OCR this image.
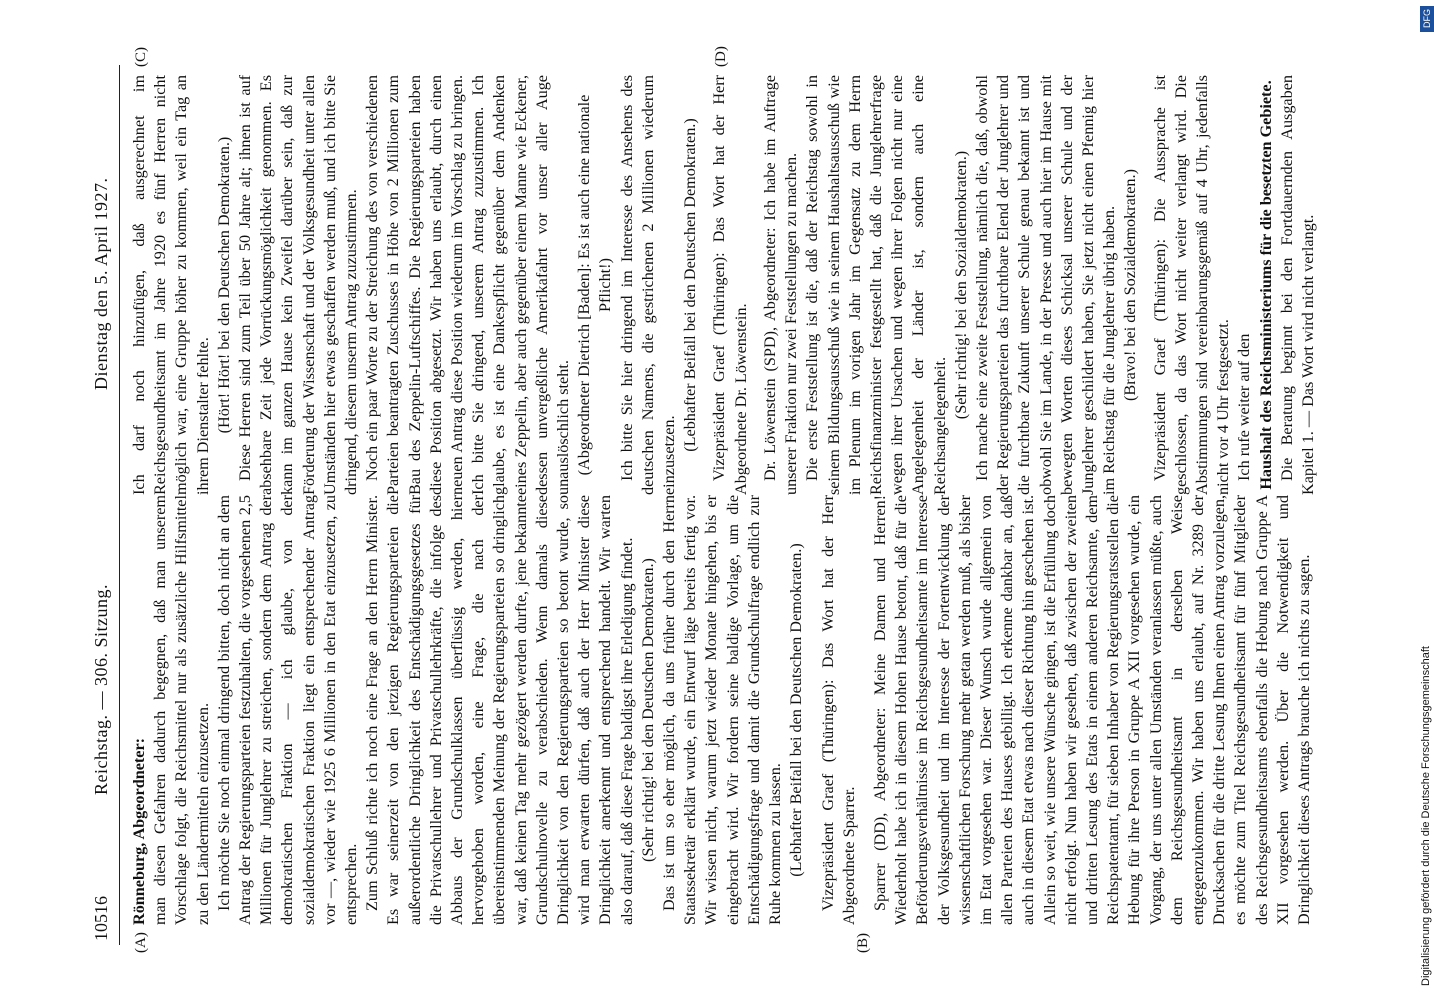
10516
Reichstag. — 306. Sitzung.
Dienstag den 5. April 1927.
(A)	(B)
(C)	(D)

Rönneburg, Abgeordneter: man diesen Gefahren dadurch begegnen, daß man unserem Vorschlage folgt, die Reichsmittel nur als zusätzliche Hilfsmittel zu den Ländermitteln einzusetzen. Ich möchte Sie noch einmal dringend bitten, doch nicht an dem Antrag der Regierungsparteien festzuhalten, die vorgesehenen 2,5 Millionen für Junglehrer zu streichen, sondern dem Antrag der demokratischen Fraktion — ich glaube, von der sozialdemokratischen Fraktion liegt ein entsprechender Antrag vor —, wieder wie 1925 6 Millionen in den Etat einzusetzen, zu entsprechen. Zum Schluß richte ich noch eine Frage an den Herrn Minister. Es war seinerzeit von den jetzigen Regierungsparteien die außerordentliche Dringlichkeit des Entschädigungsgesetzes für die Privatschullehrer und Privatschullehrkräfte, die infolge des Abbaus der Grundschulklassen überflüssig werden, hier hervorgehoben worden, eine Frage, die nach der übereinstimmenden Meinung der Regierungsparteien so dringlich war, daß keinen Tag mehr gezögert werden durfte, jene bekannte Grundschulnovelle zu verabschieden. Wenn damals diese Dringlichkeit von den Regierungsparteien so betont wurde, so wird man erwarten dürfen, daß auch der Herr Minister diese Dringlichkeit anerkennt und entsprechend handelt. Wir warten also darauf, daß diese Frage baldigst ihre Erledigung findet. (Sehr richtig! bei den Deutschen Demokraten.) Das ist um so eher möglich, da uns früher durch den Herrn Staatssekretär erklärt wurde, ein Entwurf läge bereits fertig vor. Wir wissen nicht, warum jetzt wieder Monate hingehen, bis er eingebracht wird. Wir fordern seine baldige Vorlage, um die Entschädigungsfrage und damit die Grundschulfrage endlich zur Ruhe kommen zu lassen. (Lebhafter Beifall bei den Deutschen Demokraten.) Vizepräsident Graef (Thüringen): Das Wort hat der Herr Abgeordnete Sparrer. Sparrer (DD), Abgeordneter: Meine Damen und Herren! Wiederholt habe ich in diesem Hohen Hause betont, daß für die Beförderungsverhältnisse im Reichsgesundheitsamte im Interesse der Volksgesundheit und im Interesse der Fortentwicklung der wissenschaftlichen Forschung mehr getan werden muß, als bisher im Etat vorgesehen war. Dieser Wunsch wurde allgemein von allen Parteien des Hauses gebilligt. Ich erkenne dankbar an, daß auch in diesem Etat etwas nach dieser Richtung hin geschehen ist. Allein so weit, wie unsere Wünsche gingen, ist die Erfüllung doch nicht erfolgt. Nun haben wir gesehen, daß zwischen der zweiten und dritten Lesung des Etats in einem anderen Reichsamte, dem Reichspatentamt, für sieben Inhaber von Regierungsratsstellen die Hebung für ihre Person in Gruppe A XII vorgesehen wurde, ein Vorgang, der uns unter allen Umständen veranlassen müßte, auch dem Reichsgesundheitsamt in derselben Weise entgegenzukommen. Wir haben uns erlaubt, auf Nr. 3289 der Drucksachen für die dritte Lesung Ihnen einen Antrag vorzulegen, es möchte zum Titel Reichsgesundheitsamt für fünf Mitglieder des Reichsgesundheitsamts ebenfalls die Hebung nach Gruppe A XII vorgesehen werden. Über die Notwendigkeit und Dringlichkeit dieses Antrags brauche ich nichts zu sagen.

Ich darf noch hinzufügen, daß ausgerechnet im Reichsgesundheitsamt im Jahre 1920 es fünf Herren nicht möglich war, eine Gruppe höher zu kommen, weil ein Tag an ihrem Dienstalter fehlte. (Hört! Hört! bei den Deutschen Demokraten.) Diese Herren sind zum Teil über 50 Jahre alt; ihnen ist auf absehbare Zeit jede Vorrückungsmöglichkeit genommen. Es kann im ganzen Hause kein Zweifel darüber sein, daß zur Förderung der Wissenschaft und der Volksgesundheit unter allen Umständen hier etwas geschaffen werden muß, und ich bitte Sie dringend, diesem unserm Antrag zuzustimmen. Noch ein paar Worte zu der Streichung des von verschiedenen Parteien beantragten Zuschusses in Höhe von 2 Millionen zum Bau des Zeppelin-Luftschiffes. Die Regierungsparteien haben diese Position abgesetzt. Wir haben uns erlaubt, durch einen neuen Antrag diese Position wiederum im Vorschlag zu bringen. Ich bitte Sie dringend, unserem Antrag zuzustimmen. Ich glaube, es ist eine Dankespflicht gegenüber dem Andenken eines Zeppelin, aber auch gegenüber einem Manne wie Eckener, dessen unvergeßliche Amerikafahrt vor unser aller Auge unauslöschlich steht. (Abgeordneter Dietrich [Baden]: Es ist auch eine nationale Pflicht!) Ich bitte Sie hier dringend im Interesse des Ansehens des deutschen Namens, die gestrichenen 2 Millionen wiederum einzusetzen.

(Lebhafter Beifall bei den Deutschen Demokraten.) Vizepräsident Graef (Thüringen): Das Wort hat der Herr Abgeordnete Dr. Löwenstein. Dr. Löwenstein (SPD), Abgeordneter: Ich habe im Auftrage unserer Fraktion nur zwei Feststellungen zu machen. Die erste Feststellung ist die, daß der Reichstag sowohl in seinem Bildungsausschuß wie in seinem Haushaltsausschuß wie im Plenum im vorigen Jahr im Gegensatz zu dem Herrn Reichsfinanzminister festgestellt hat, daß die Junglehrerfrage wegen ihrer Ursachen und wegen ihrer Folgen nicht nur eine Angelegenheit der Länder ist, sondern auch eine Reichsangelegenheit.

(Sehr richtig! bei den Sozialdemokraten.) Ich mache eine zweite Feststellung, nämlich die, daß, obwohl der Regierungsparteien das furchtbare Elend der Junglehrer und die furchtbare Zukunft unserer Schule genau bekannt ist und obwohl Sie im Lande, in der Presse und auch hier im Hause mit bewegten Worten dieses Schicksal unserer Schule und der Junglehrer geschildert haben, Sie jetzt nicht einen Pfennig hier im Reichstag für die Junglehrer übrig haben. (Bravo! bei den Sozialdemokraten.) Vizepräsident Graef (Thüringen): Die Aussprache ist geschlossen, da das Wort nicht weiter verlangt wird. Die Abstimmungen sind vereinbarungsgemäß auf 4 Uhr, jedenfalls nicht vor 4 Uhr festgesetzt. Ich rufe weiter auf den Haushalt des Reichsministeriums für die besetzten Gebiete. Die Beratung beginnt bei den Fortdauernden Ausgaben Kapitel 1. — Das Wort wird nicht verlangt.

DFG
Digitalisierung gefördert durch die Deutsche Forschungsgemeinschaft
